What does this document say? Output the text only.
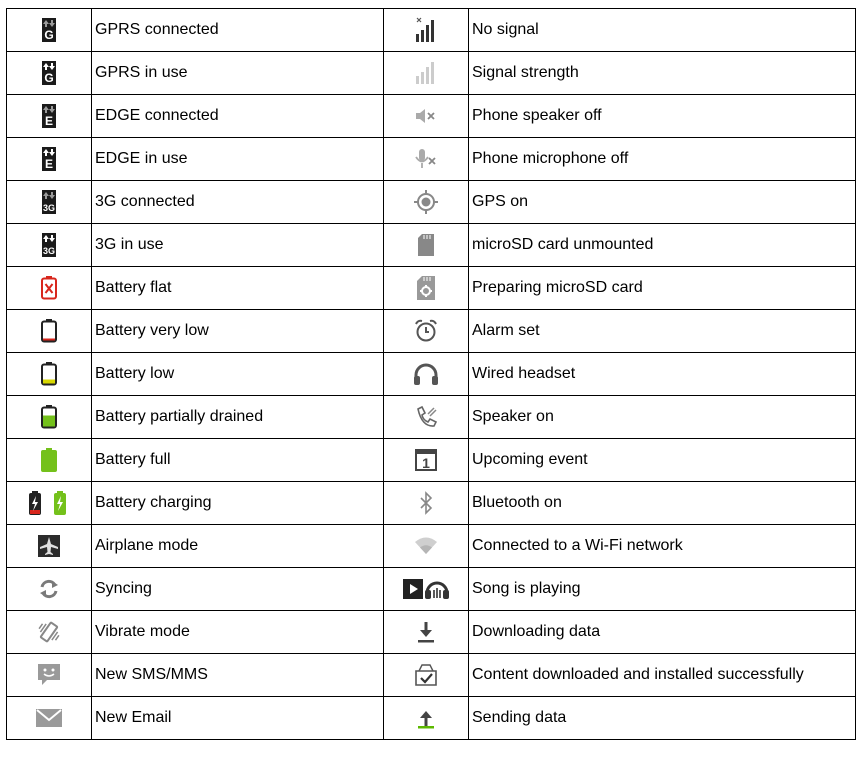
G	GPRS connected		No signal

G	GPRS in use		Signal strength

E	EDGE connected		Phone speaker off

E	EDGE in use		Phone microphone off

3G	3G connected		GPS on

3G	3G in use		microSD card unmounted

	Battery flat		Preparing microSD card

	Battery very low		Alarm set

	Battery low		Wired headset

	Battery partially drained		Speaker on

	Battery full	1	Upcoming event

	Battery charging		Bluetooth on

	Airplane mode		Connected to a Wi-Fi network

	Syncing		Song is playing

	Vibrate mode		Downloading data

	New SMS/MMS		Content downloaded and installed successfully

	New Email		Sending data
